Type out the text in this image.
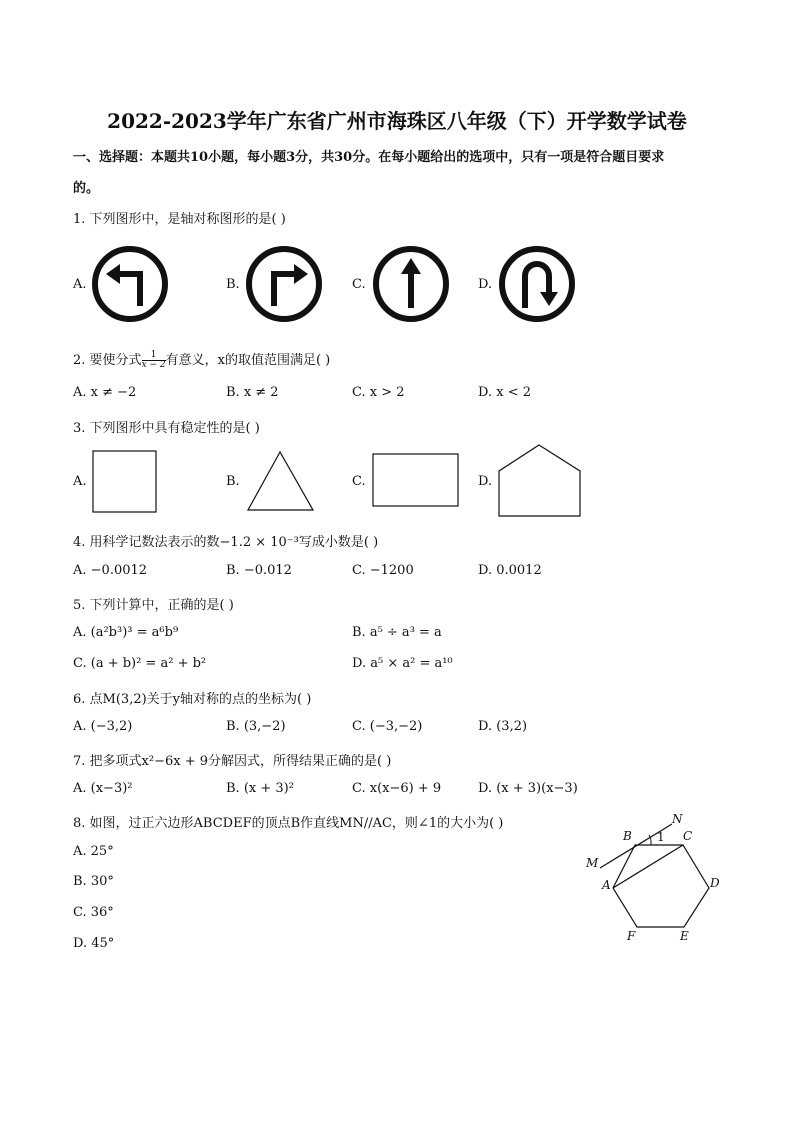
2022-2023学年广东省广州市海珠区八年级（下）开学数学试卷
一、选择题：本题共10小题，每小题3分，共30分。在每小题给出的选项中，只有一项是符合题目要求
的。
1. 下列图形中，是轴对称图形的是( )
A.	B.	C.	D.
2. 要使分式 $\frac{1}{x - 2}$ 有意义，x的取值范围满足( )
A. x ≠ −2	B. x ≠ 2	C. x > 2	D. x < 2
3. 下列图形中具有稳定性的是( )
A.	B.	C.	D.
4. 用科学记数法表示的数−1.2 × 10⁻³写成小数是( )
A. −0.0012	B. −0.012	C. −1200	D. 0.0012
5. 下列计算中，正确的是( )
A. (a²b³)³ = a⁶b⁹	B. a⁵ ÷ a³ = a
C. (a + b)² = a² + b²	D. a⁵ × a² = a¹⁰
6. 点M(3,2)关于y轴对称的点的坐标为( )
A. (−3,2)	B. (3,−2)	C. (−3,−2)	D. (3,2)
7. 把多项式x²−6x + 9分解因式，所得结果正确的是( )
A. (x−3)²	B. (x + 3)²	C. x(x−6) + 9	D. (x + 3)(x−3)
8. 如图，过正六边形ABCDEF的顶点B作直线MN//AC，则∠1的大小为( )
A. 25°
B. 30°
C. 36°
D. 45°
N
B 1 C
M
A	D
F	E
